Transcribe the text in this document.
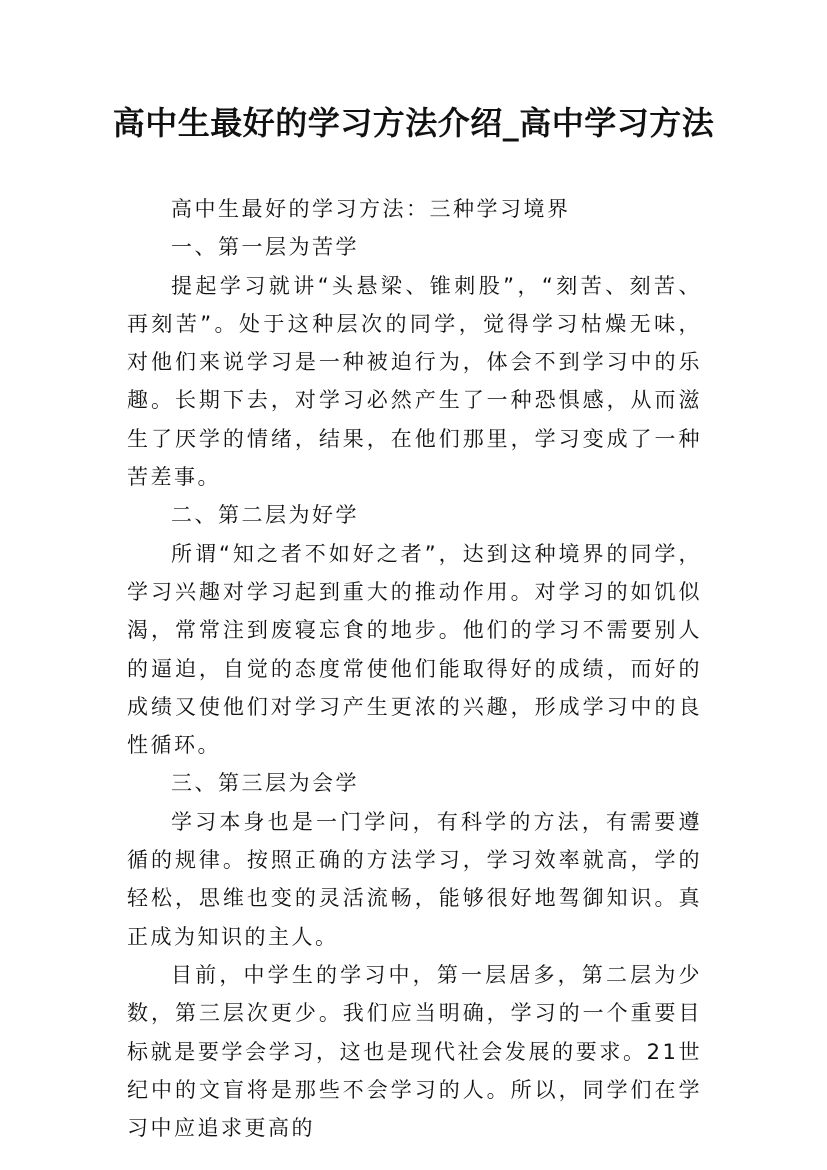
高中生最好的学习方法介绍_高中学习方法

高中生最好的学习方法：三种学习境界

一、第一层为苦学

提起学习就讲“头悬梁、锥刺股”，“刻苦、刻苦、再刻苦”。处于这种层次的同学，觉得学习枯燥无味，对他们来说学习是一种被迫行为，体会不到学习中的乐趣。长期下去，对学习必然产生了一种恐惧感，从而滋生了厌学的情绪，结果，在他们那里，学习变成了一种苦差事。

二、第二层为好学

所谓“知之者不如好之者”，达到这种境界的同学，学习兴趣对学习起到重大的推动作用。对学习的如饥似渴，常常注到废寝忘食的地步。他们的学习不需要别人的逼迫，自觉的态度常使他们能取得好的成绩，而好的成绩又使他们对学习产生更浓的兴趣，形成学习中的良性循环。

三、第三层为会学

学习本身也是一门学问，有科学的方法，有需要遵循的规律。按照正确的方法学习，学习效率就高，学的轻松，思维也变的灵活流畅，能够很好地驾御知识。真正成为知识的主人。

目前，中学生的学习中，第一层居多，第二层为少数，第三层次更少。我们应当明确，学习的一个重要目标就是要学会学习，这也是现代社会发展的要求。21世纪中的文盲将是那些不会学习的人。所以，同学们在学习中应追求更高的
